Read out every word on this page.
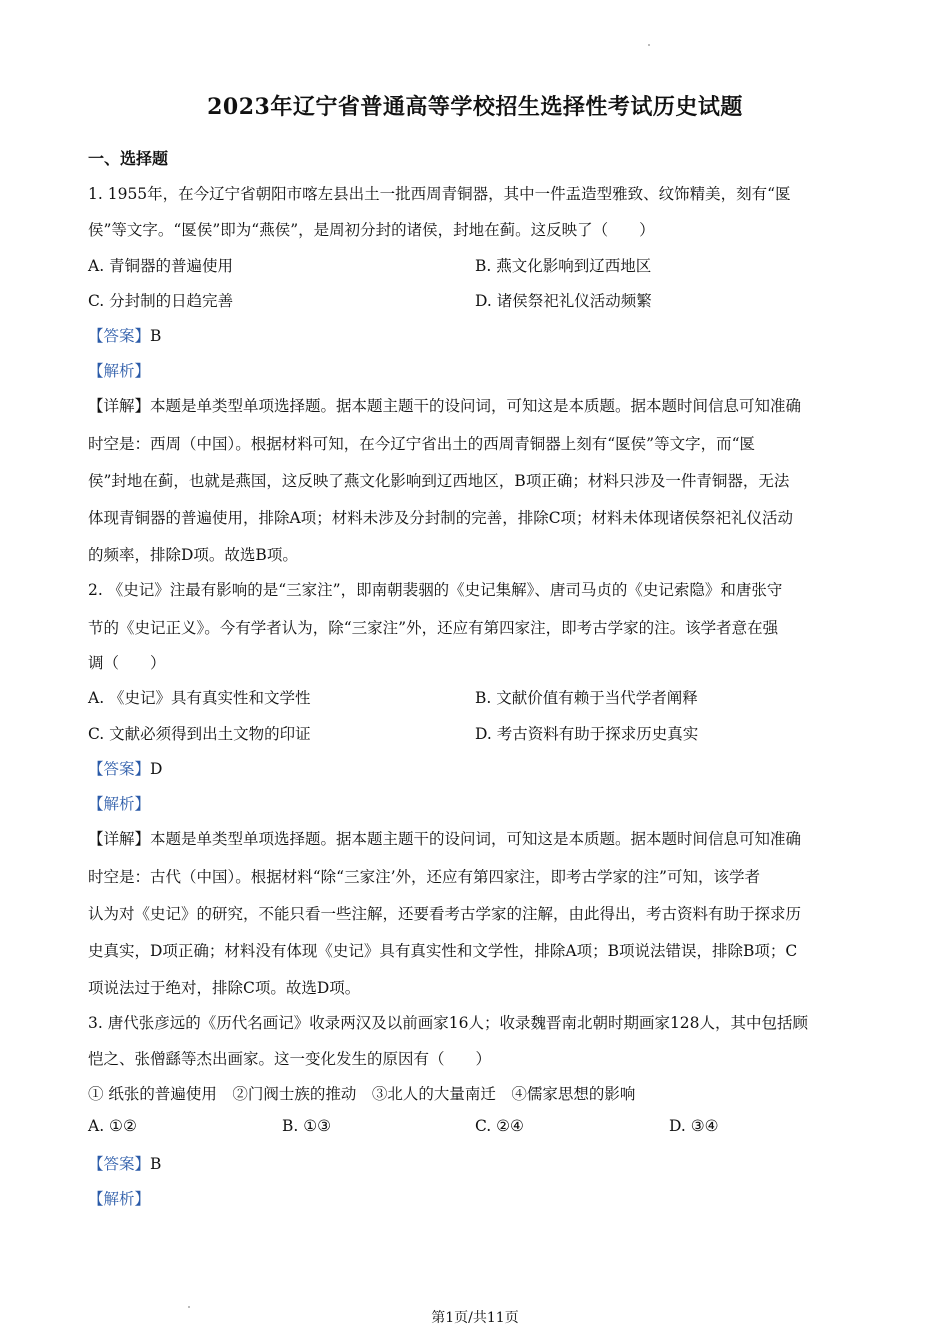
2023年辽宁省普通高等学校招生选择性考试历史试题
一、选择题
1. 1955年，在今辽宁省朝阳市喀左县出土一批西周青铜器，其中一件盂造型雅致、纹饰精美，刻有“匽
侯”等文字。“匽侯”即为“燕侯”，是周初分封的诸侯，封地在蓟。这反映了（　　）
A. 青铜器的普遍使用	B. 燕文化影响到辽西地区
C. 分封制的日趋完善	D. 诸侯祭祀礼仪活动频繁
【答案】B
【解析】
【详解】本题是单类型单项选择题。据本题主题干的设问词，可知这是本质题。据本题时间信息可知准确
时空是：西周（中国）。根据材料可知，在今辽宁省出土的西周青铜器上刻有“匽侯”等文字，而“匽
侯”封地在蓟，也就是燕国，这反映了燕文化影响到辽西地区，B项正确；材料只涉及一件青铜器，无法
体现青铜器的普遍使用，排除A项；材料未涉及分封制的完善，排除C项；材料未体现诸侯祭祀礼仪活动
的频率，排除D项。故选B项。
2. 《史记》注最有影响的是“三家注”，即南朝裴骃的《史记集解》、唐司马贞的《史记索隐》和唐张守
节的《史记正义》。今有学者认为，除“三家注”外，还应有第四家注，即考古学家的注。该学者意在强
调（　　）
A. 《史记》具有真实性和文学性	B. 文献价值有赖于当代学者阐释
C. 文献必须得到出土文物的印证	D. 考古资料有助于探求历史真实
【答案】D
【解析】
【详解】本题是单类型单项选择题。据本题主题干的设问词，可知这是本质题。据本题时间信息可知准确
时空是：古代（中国）。根据材料“除“三家注’外，还应有第四家注，即考古学家的注”可知，该学者
认为对《史记》的研究，不能只看一些注解，还要看考古学家的注解，由此得出，考古资料有助于探求历
史真实，D项正确；材料没有体现《史记》具有真实性和文学性，排除A项；B项说法错误，排除B项；C
项说法过于绝对，排除C项。故选D项。
3. 唐代张彦远的《历代名画记》收录两汉及以前画家16人；收录魏晋南北朝时期画家128人，其中包括顾
恺之、张僧繇等杰出画家。这一变化发生的原因有（　　）
① 纸张的普遍使用　②门阀士族的推动　③北人的大量南迁　④儒家思想的影响
A. ①②	B. ①③	C. ②④	D. ③④
【答案】B
【解析】
第1页/共11页
